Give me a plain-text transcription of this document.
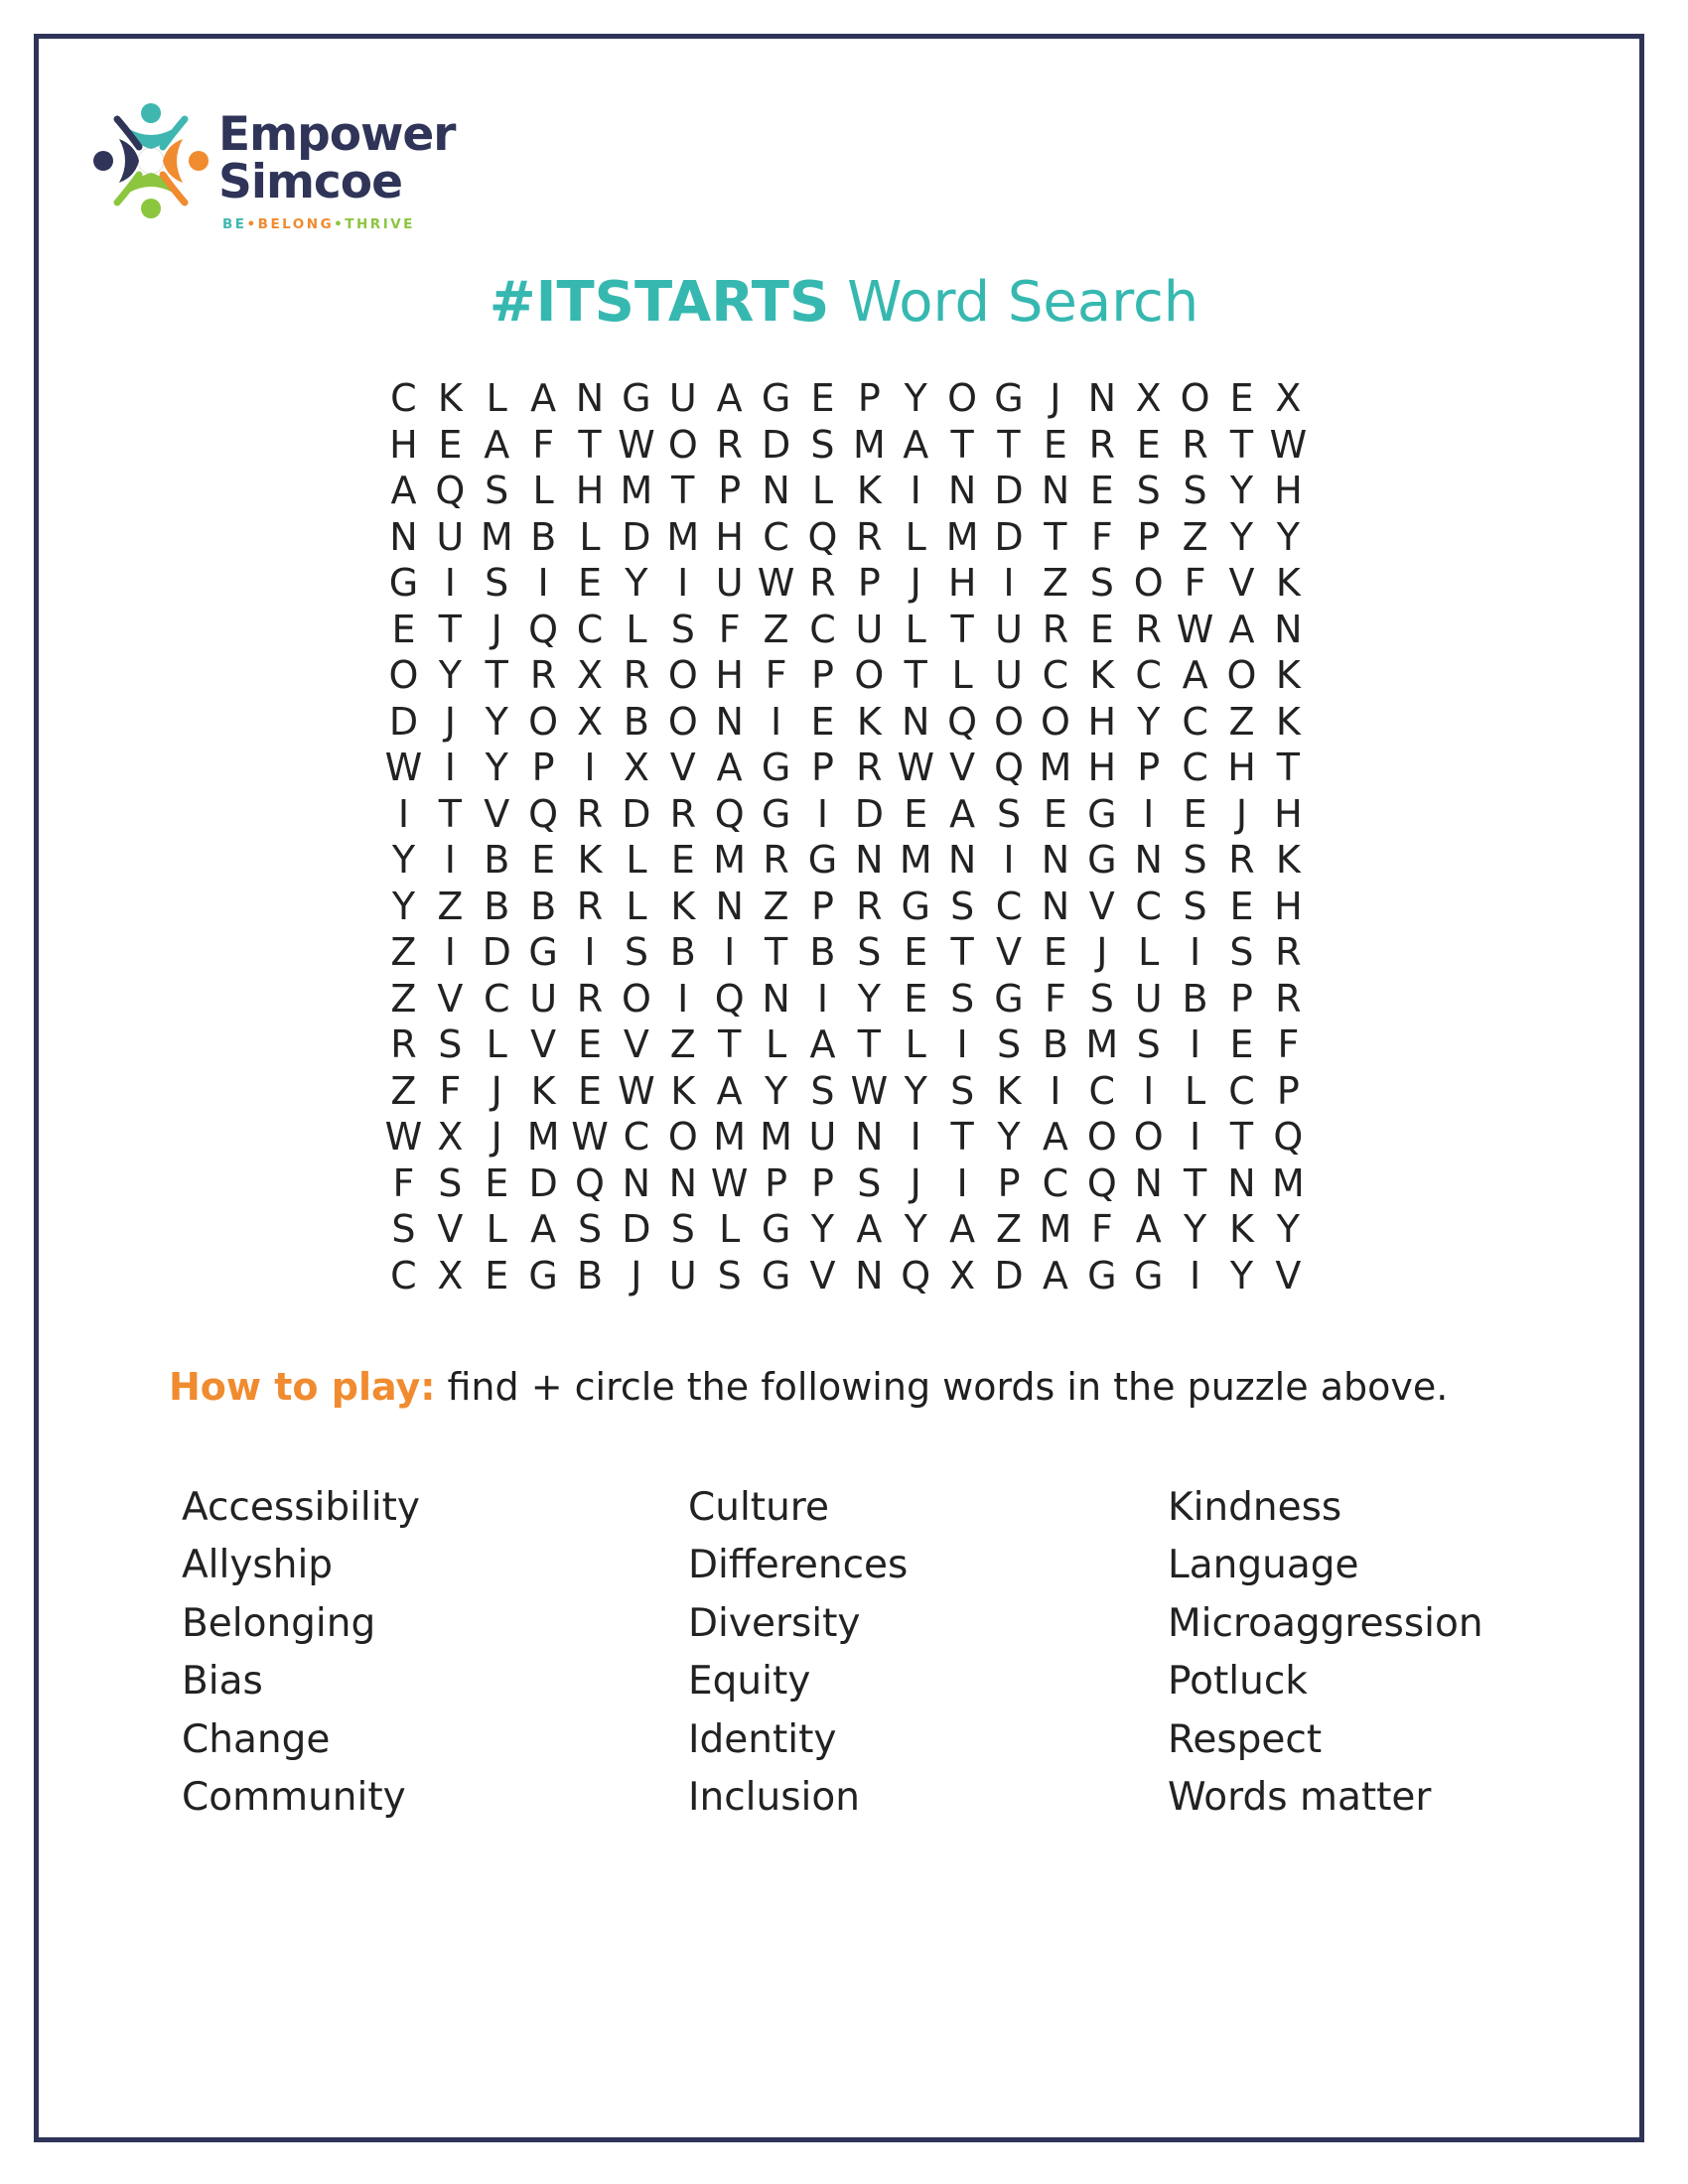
Empower
Simcoe
BE•BELONG•THRIVE
#ITSTARTS Word Search
C K L A N G U A G E P Y O G J N X O E X
H E A F T W O R D S M A T T E R E R T W
A Q S L H M T P N L K I N D N E S S Y H
N U M B L D M H C Q R L M D T F P Z Y Y
G I S I E Y I U W R P J H I Z S O F V K
E T J Q C L S F Z C U L T U R E R W A N
O Y T R X R O H F P O T L U C K C A O K
D J Y O X B O N I E K N Q O O H Y C Z K
W I Y P I X V A G P R W V Q M H P C H T
I T V Q R D R Q G I D E A S E G I E J H
Y I B E K L E M R G N M N I N G N S R K
Y Z B B R L K N Z P R G S C N V C S E H
Z I D G I S B I T B S E T V E J L I S R
Z V C U R O I Q N I Y E S G F S U B P R
R S L V E V Z T L A T L I S B M S I E F
Z F J K E W K A Y S W Y S K I C I L C P
W X J M W C O M M U N I T Y A O O I T Q
F S E D Q N N W P P S J I P C Q N T N M
S V L A S D S L G Y A Y A Z M F A Y K Y
C X E G B J U S G V N Q X D A G G I Y V
How to play: find + circle the following words in the puzzle above.
Accessibility
Allyship
Belonging
Bias
Change
Community
Culture
Differences
Diversity
Equity
Identity
Inclusion
Kindness
Language
Microaggression
Potluck
Respect
Words matter
